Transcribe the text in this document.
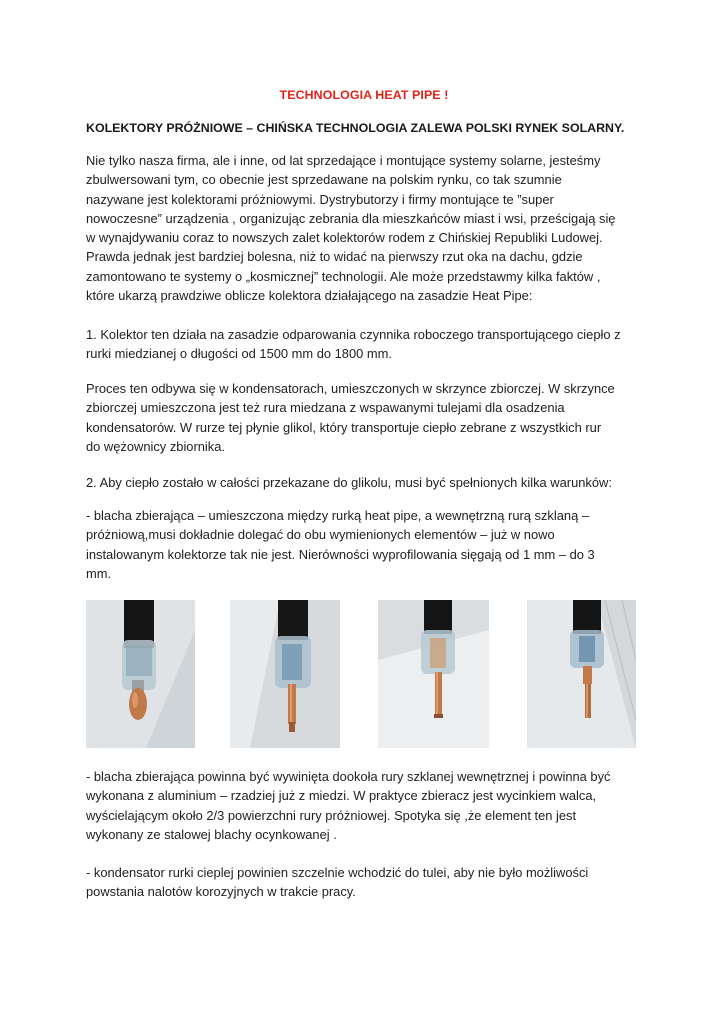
TECHNOLOGIA HEAT PIPE !
KOLEKTORY PRÓŻNIOWE – CHIŃSKA TECHNOLOGIA ZALEWA POLSKI RYNEK SOLARNY.
Nie tylko nasza firma, ale i inne, od lat sprzedające i montujące systemy solarne, jesteśmy
zbulwersowani tym, co obecnie jest sprzedawane na polskim rynku, co tak szumnie
nazywane jest kolektorami próżniowymi. Dystrybutorzy i firmy montujące te ”super
nowoczesne” urządzenia , organizując zebrania dla mieszkańców miast i wsi, prześcigają się
w wynajdywaniu coraz to nowszych zalet kolektorów rodem z Chińskiej Republiki Ludowej.
Prawda jednak jest bardziej bolesna, niż to widać na pierwszy rzut oka na dachu, gdzie
zamontowano te systemy o „kosmicznej” technologii. Ale może przedstawmy kilka faktów ,
które ukarzą prawdziwe oblicze kolektora działającego na zasadzie Heat Pipe:
1. Kolektor ten działa na zasadzie odparowania czynnika roboczego transportującego ciepło z
rurki miedzianej o długości od 1500 mm do 1800 mm.
Proces ten odbywa się w kondensatorach, umieszczonych w skrzynce zbiorczej. W skrzynce
zbiorczej umieszczona jest też rura miedzana z wspawanymi tulejami dla osadzenia
kondensatorów. W rurze tej płynie glikol, który transportuje ciepło zebrane z wszystkich rur
do wężownicy zbiornika.
2. Aby ciepło zostało w całości przekazane do glikolu, musi być spełnionych kilka warunków:
- blacha zbierająca – umieszczona między rurką heat pipe, a wewnętrzną rurą szklaną –
próżniową,musi dokładnie dolegać do obu wymienionych elementów – już w nowo
instalowanym kolektorze tak nie jest. Nierówności wyprofilowania sięgają od 1 mm – do 3
mm.
- blacha zbierająca powinna być wywinięta dookoła rury szklanej wewnętrznej i powinna być
wykonana z aluminium – rzadziej już z miedzi. W praktyce zbieracz jest wycinkiem walca,
wyścielającym około 2/3 powierzchni rury próżniowej. Spotyka się ,że element ten jest
wykonany ze stalowej blachy ocynkowanej .
- kondensator rurki cieplej powinien szczelnie wchodzić do tulei, aby nie było możliwości
powstania nalotów korozyjnych w trakcie pracy.
